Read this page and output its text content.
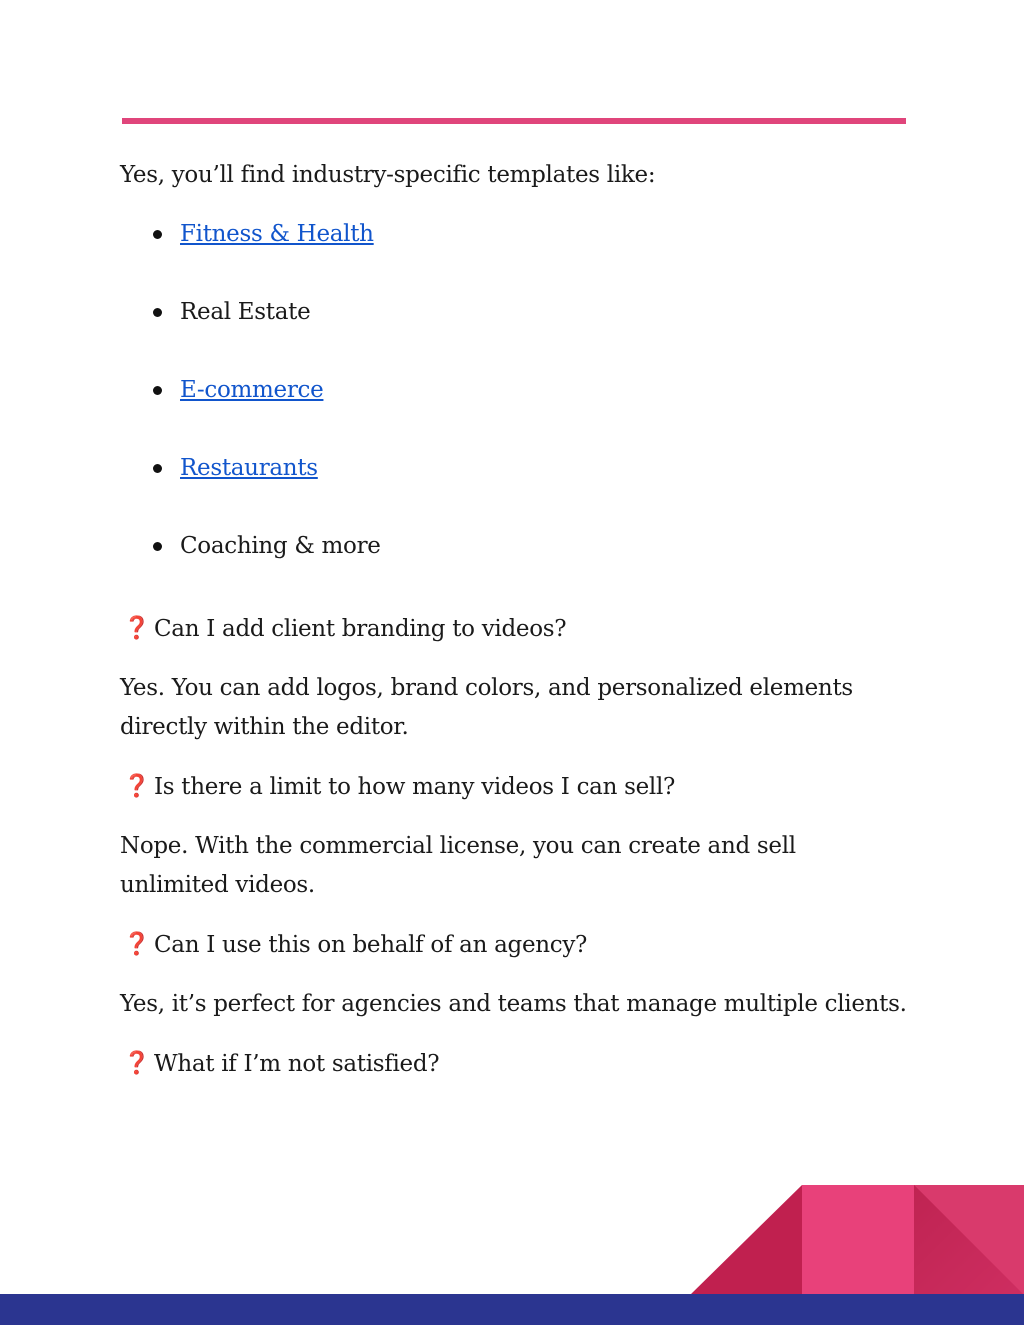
Yes, you’ll find industry-specific templates like:

Fitness & Health
Real Estate
E-commerce
Restaurants
Coaching & more
❓ Can I add client branding to videos?

Yes. You can add logos, brand colors, and personalized elements directly within the editor.

❓ Is there a limit to how many videos I can sell?

Nope. With the commercial license, you can create and sell unlimited videos.

❓ Can I use this on behalf of an agency?

Yes, it’s perfect for agencies and teams that manage multiple clients.

❓ What if I’m not satisfied?
